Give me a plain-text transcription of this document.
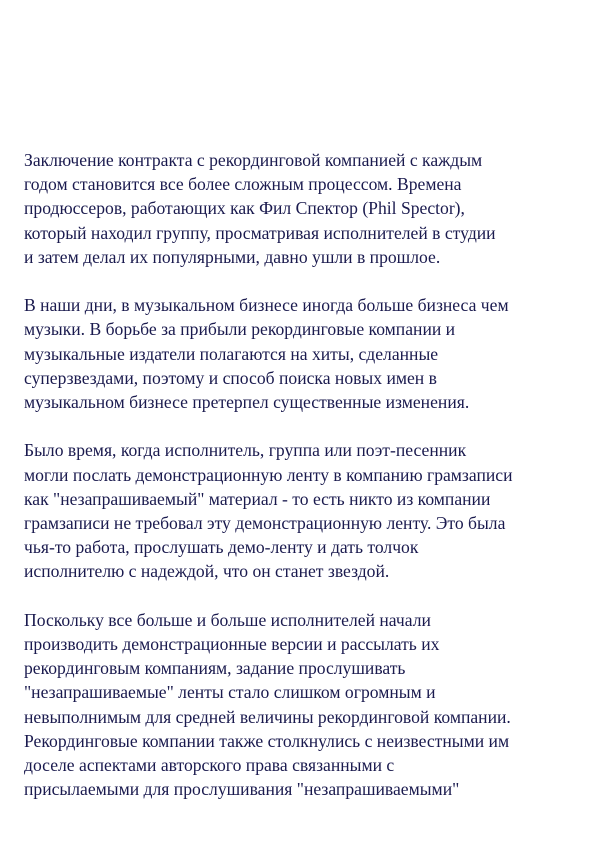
Заключение контракта с рекординговой компанией с каждым
годом становится все более сложным процессом. Времена
продюссеров, работающих как Фил Спектор (Phil Spector),
который находил группу, просматривая исполнителей в студии
и затем делал их популярными, давно ушли в прошлое.

В наши дни, в музыкальном бизнесе иногда больше бизнеса чем
музыки. В борьбе за прибыли рекординговые компании и
музыкальные издатели полагаются на хиты, сделанные
суперзвездами, поэтому и способ поиска новых имен в
музыкальном бизнесе претерпел существенные изменения.

Было время, когда исполнитель, группа или поэт-песенник
могли послать демонстрационную ленту в компанию грамзаписи
как "незапрашиваемый" материал - то есть никто из компании
грамзаписи не требовал эту демонстрационную ленту. Это была
чья-то работа, прослушать демо-ленту и дать толчок
исполнителю с надеждой, что он станет звездой.

Поскольку все больше и больше исполнителей начали
производить демонстрационные версии и рассылать их
рекординговым компаниям, задание прослушивать
"незапрашиваемые" ленты стало слишком огромным и
невыполнимым для средней величины рекординговой компании.
Рекординговые компании также столкнулись с неизвестными им
доселе аспектами авторского права связанными с
присылаемыми для прослушивания "незапрашиваемыми"
